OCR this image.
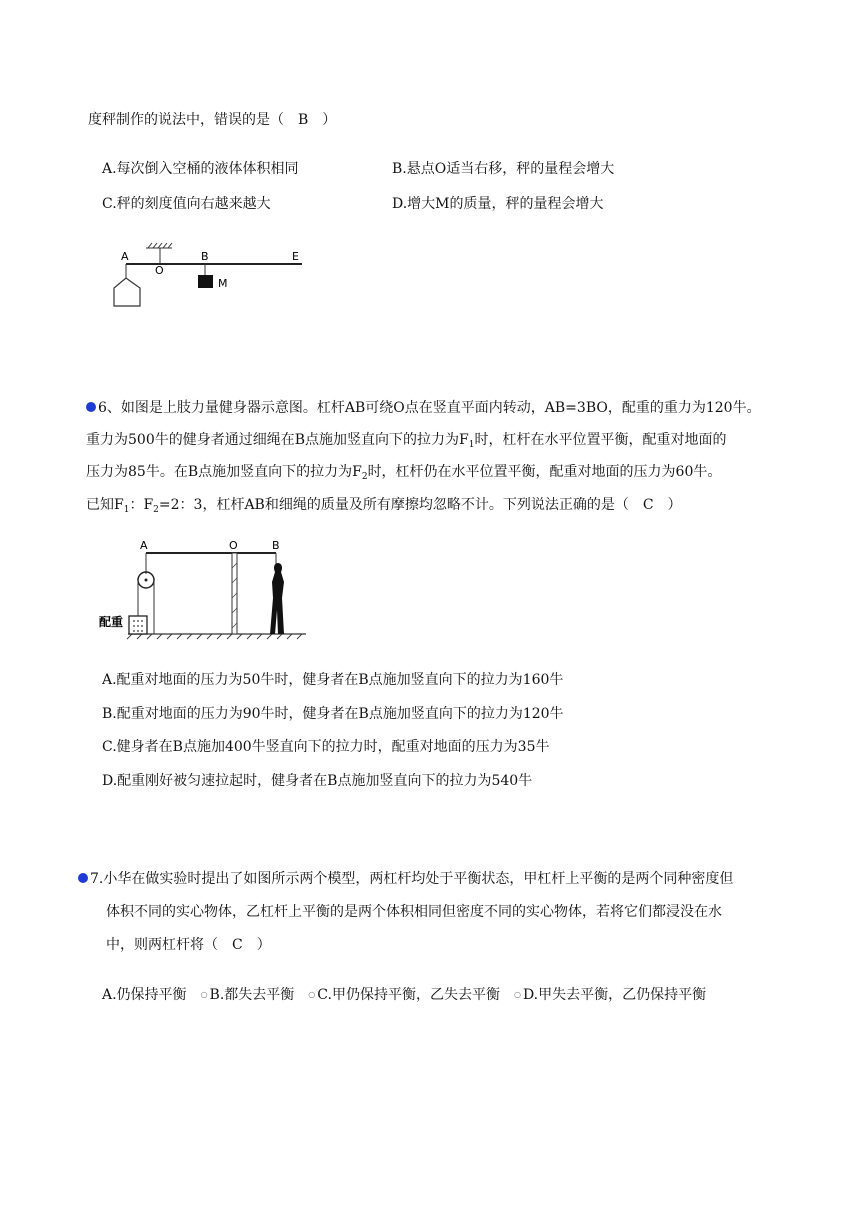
度秤制作的说法中，错误的是（　B　）
A.每次倒入空桶的液体体积相同	B.悬点O适当右移，秤的量程会增大
C.秤的刻度值向右越来越大	D.增大M的质量，秤的量程会增大
A
O
B	E
M
6、如图是上肢力量健身器示意图。杠杆AB可绕O点在竖直平面内转动，AB=3BO，配重的重力为120牛。
重力为500牛的健身者通过细绳在B点施加竖直向下的拉力为$F_1$时，杠杆在水平位置平衡，配重对地面的
压力为85牛。在B点施加竖直向下的拉力为$F_2$时，杠杆仍在水平位置平衡，配重对地面的压力为60牛。
已知$F_1$：$F_2=2$：3，杠杆AB和细绳的质量及所有摩擦均忽略不计。下列说法正确的是（　C　）
A	O	B
配重
A.配重对地面的压力为50牛时，健身者在B点施加竖直向下的拉力为160牛
B.配重对地面的压力为90牛时，健身者在B点施加竖直向下的拉力为120牛
C.健身者在B点施加400牛竖直向下的拉力时，配重对地面的压力为35牛
D.配重刚好被匀速拉起时，健身者在B点施加竖直向下的拉力为540牛
7.小华在做实验时提出了如图所示两个模型，两杠杆均处于平衡状态，甲杠杆上平衡的是两个同种密度但
体积不同的实心物体，乙杠杆上平衡的是两个体积相同但密度不同的实心物体，若将它们都浸没在水
中，则两杠杆将（　C　）
A.仍保持平衡 ○ B.都失去平衡 ○ C.甲仍保持平衡，乙失去平衡 ○ D.甲失去平衡，乙仍保持平衡
